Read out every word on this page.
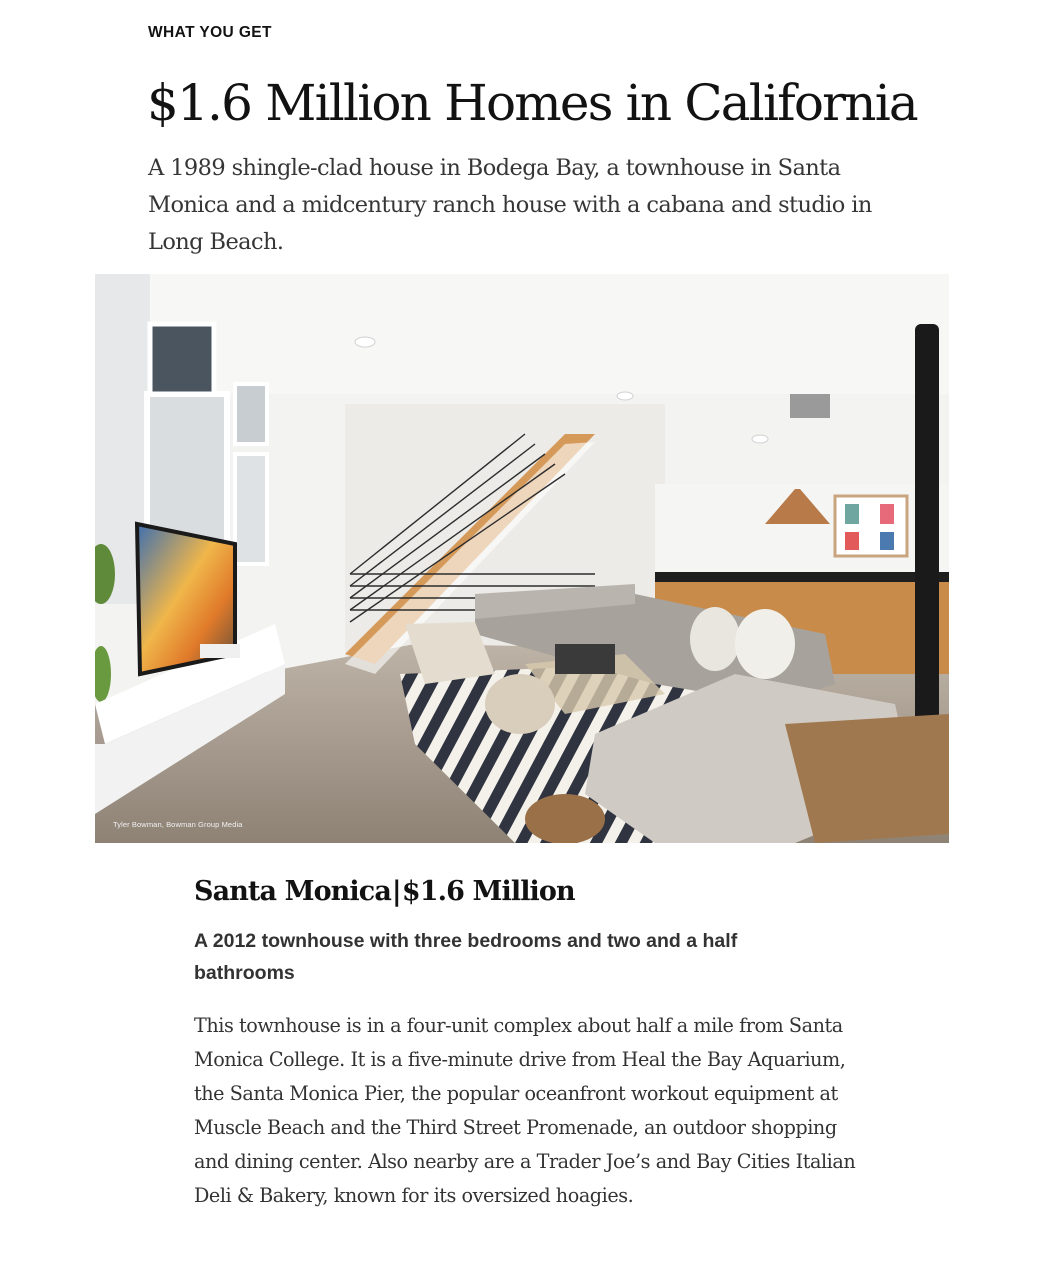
WHAT YOU GET

$1.6 Million Homes in California

A 1989 shingle-clad house in Bodega Bay, a townhouse in Santa Monica and a midcentury ranch house with a cabana and studio in Long Beach.

Tyler Bowman, Bowman Group Media
Santa Monica|$1.6 Million

A 2012 townhouse with three bedrooms and two and a half bathrooms

This townhouse is in a four-unit complex about half a mile from Santa Monica College. It is a five-minute drive from Heal the Bay Aquarium, the Santa Monica Pier, the popular oceanfront workout equipment at Muscle Beach and the Third Street Promenade, an outdoor shopping and dining center. Also nearby are a Trader Joe’s and Bay Cities Italian Deli & Bakery, known for its oversized hoagies.
